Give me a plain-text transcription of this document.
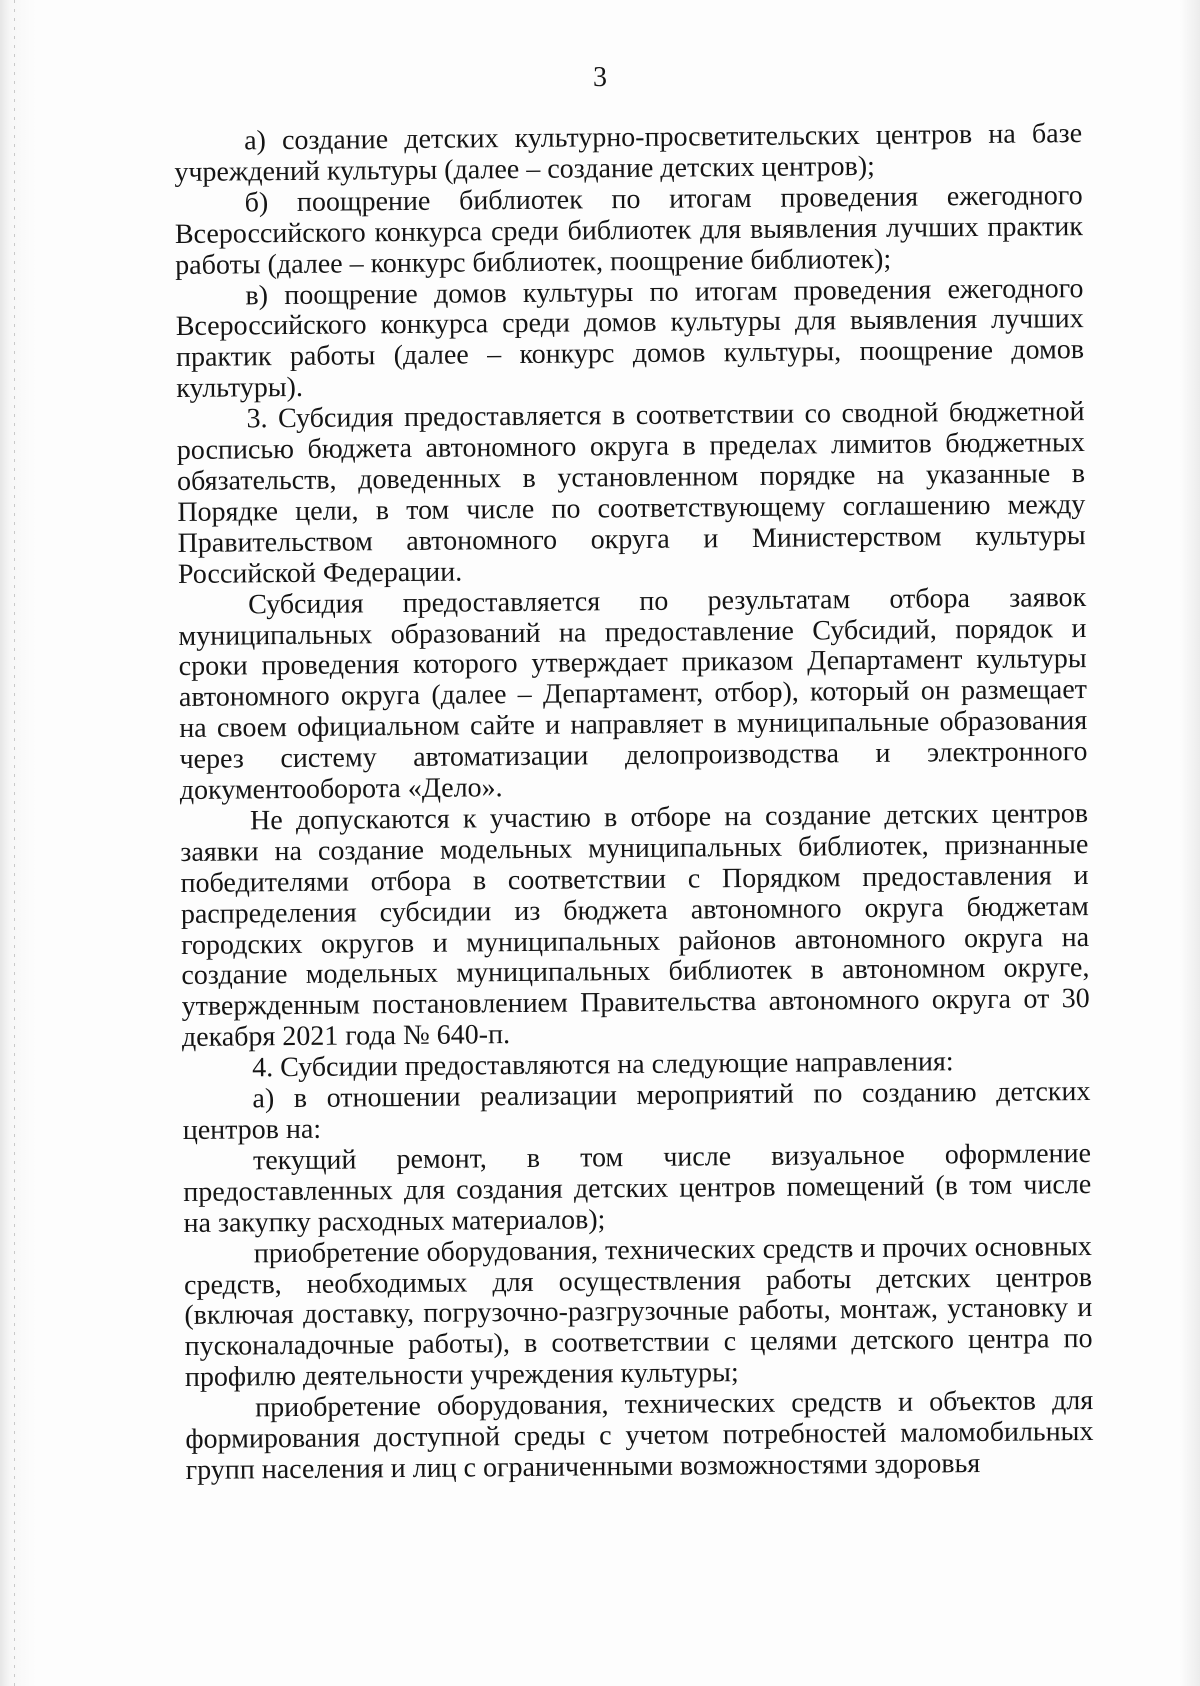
3

а) создание детских культурно-просветительских центров на базе учреждений культуры (далее – создание детских центров);

б) поощрение библиотек по итогам проведения ежегодного Всероссийского конкурса среди библиотек для выявления лучших практик работы (далее – конкурс библиотек, поощрение библиотек);

в) поощрение домов культуры по итогам проведения ежегодного Всероссийского конкурса среди домов культуры для выявления лучших практик работы (далее – конкурс домов культуры, поощрение домов культуры).

3. Субсидия предоставляется в соответствии со сводной бюджетной росписью бюджета автономного округа в пределах лимитов бюджетных обязательств, доведенных в установленном порядке на указанные в Порядке цели, в том числе по соответствующему соглашению между Правительством автономного округа и Министерством культуры Российской Федерации.

Субсидия предоставляется по результатам отбора заявок муниципальных образований на предоставление Субсидий, порядок и сроки проведения которого утверждает приказом Департамент культуры автономного округа (далее – Департамент, отбор), который он размещает на своем официальном сайте и направляет в муниципальные образования через систему автоматизации делопроизводства и электронного документооборота «Дело».

Не допускаются к участию в отборе на создание детских центров заявки на создание модельных муниципальных библиотек, признанные победителями отбора в соответствии с Порядком предоставления и распределения субсидии из бюджета автономного округа бюджетам городских округов и муниципальных районов автономного округа на создание модельных муниципальных библиотек в автономном округе, утвержденным постановлением Правительства автономного округа от 30 декабря 2021 года № 640-п.

4. Субсидии предоставляются на следующие направления:

а) в отношении реализации мероприятий по созданию детских центров на:

текущий ремонт, в том числе визуальное оформление предоставленных для создания детских центров помещений (в том числе на закупку расходных материалов);

приобретение оборудования, технических средств и прочих основных средств, необходимых для осуществления работы детских центров (включая доставку, погрузочно-разгрузочные работы, монтаж, установку и пусконаладочные работы), в соответствии с целями детского центра по профилю деятельности учреждения культуры;

приобретение оборудования, технических средств и объектов для формирования доступной среды с учетом потребностей маломобильных групп населения и лиц с ограниченными возможностями здоровья
